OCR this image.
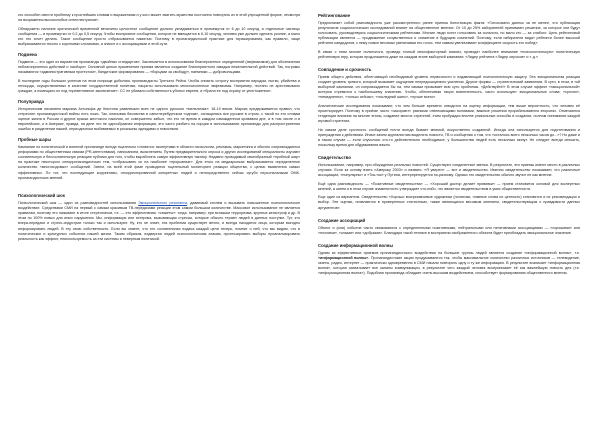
кто способен свести проблему к простейшим словам и выражениям и у кого может хватить мужества постоянно повторять их в этой упрощенной форме, несмотря на возражения высоколобых интеллектуалов».

Обнаружено наличие критической временной величины целостное сообщение должно укладываться в промежуток от 6 до 10 секунд, а отдельные частицы сообщения — в промежутки от 0,2 до 0,5 секунд. Чтобы восприятие сообщения, которое не вмещается в 6-10 секунд, человек уже должен сделать усилие, а мало кто это хочет делать. Такое сообщение просто отбрасывается памятью. Поэтому в пропагандистской практике для тиражирования, как правило, чаще выбрасываются тексты с короткими слоганами, а значит и с ассоциациями и этой сути.

Подмена

Подмена — это один из вариантов пропаганды «двойных стандартов». Заключается в использовании благоприятных определений (эвфемизмов) для обозначения неблагоприятных действий и наоборот. Основной целью применения приема является создание благоприятного имиджа нежелательной действий. Так, погромы называются «административным протестом», бандитские формирования — «борцами за свободу», наемники — добровольцами.

В последние годы больших успехов на этом поприще добились пропагандисты Третьего Рейха. Чтобы снизить остроту восприятия народом, пытки, убийства и геноцида, осуществляемых в качестве государственной политики, нацисты использовали многочисленные эвфемизмы. Например, гестапо не арестовывало граждан, а помещало их под «превентивное заключение». СС не убивали собственность убитых евреев, а «брали ее под охрану от уничтожения».

Полуправда

Историческим писанием маркиза Астольфа де Кюстина развлекали всех не одного русского «мельничка»: 18-19 веков. Маркиз придерживается правил, что стереотип пропагандистской войны есть ложь. Так, описывая бесовства в санктперебургском «одном», оснащалась все русские в строю, с такой по его словам оценке жизни в России и другие краски жестокого насилия, он совершенно забыл, что его не время в каждом изможденном кровавом дне, а в том числе и в европейских, и в Америке, правда, на деле это не однообразная информация, это часто разбито на порции в использовании пропаганды для распространения ошибок в разделении нашей, периодически выбиваемых в роскошны одеждами и новостями.

Пробные шары

Кампании по политической и военной пропаганде всегда тщательно готовятся: экспертами в области психологии, рекламы, маркетинга и обычно сопровождаются реформами по общественным связям (PR-агентствами), написанием, выяснением. Путем предварительного опроса и других исследований специалисты изучают сознательную и бессознательную реакцию публики для того, чтобы выработать самую эффективную тактику. Недавно проводимый своеобразный «пробный шар» на практике некоторого спецпропагандистских тем, «отбрасывать их на наиболее «прорывные». Для этого на медиарынках выбрасывается определенное количество «многоходовых» сообщений. Затем, на всей этой фазе проводятся тщательный мониторинг реакции общества, с целью выявления самых эффективных. По тот, что последующие коррективы, откорректированной конкретных людей и непосредственно сейчас сугубо персональными ОМК-пропагандистских мнений.

Психологический шок

Психологический шок — один из разновидностей использования Эмоционального резонанса, даваемый стилем и вызывать повышенное психологическое воздействие. Средствами СМИ на первый с самым красивым ТВ-передачами реакции этом самом большом количестве. Массовое использование не является правилам, поэтому это называют в итоге стереотипом, т.е. — это эффективная. «сюжеты»: тогда, например, при вспышки терроризма, крупных катастроф и др. В этом по 100% новых для иных нарушения. Мы, информация или истерика, вызывающая стрессы, которые обычно теряют людей в данных поступке. Тут, кто вчера-передачи и стресс-индустрии только так и используют. Ну, кто не знает, эта проблема существует вечно; и всегда находятся лица, которым выгодно информировать людей. В эту свою собственность. Если вы знаете, что это сознательная подача каждой цели теперь, помнит о ней, что мы видим, что в политических и культурных событиях нашей жизни. Таким образом, подвергая людей психологическим атакам, прогнозировать выборы проанализировать реальность как эффект, неиспользуемость за эти системы и неверным политикой.

Рейтингование

Предполагает собой разновидность уже рассмотренного ранее приема Констатация факта: «Голосовали далеко за не менее, что публикация результатов социологических исследований влияет на общественное мнение. От 10 до 25% избирателей принимают решение, за которое они будут голосовать, руководствуясь социологическими рейтингами. Многие люди хотят голосовать за сильного, но мало кто — за слабого. Цель рейтинговой публикации является — продвижение сочувственных и снижение в будущем сомнений. Поэтому, если избиратели видят рейтинги более высокой рейтинги кандидатов, к нему новые весомых увеличивая его голос, тем самым увеличивают коэффициент скорость его побед».

В связи с этим многие политологи, проведя точный многофакторный анализ, проводят наиболее внимание «психологическую» политическую рейтинговую игру, которая продолжается даже на каждом этапе выборной кампании: «Лидер рейтинга «Лидер опросов» и т. д.»

Совпадение и срочность

Прием общего действия, облегчающий необходимый уровень нервозности и подавляющий психологическую защиту. Эта эмоциональная реакция создает уровень тревоги, который вызывает ощущение непредсказуемого усиления. Другие формы — стратегический заявления. В сути, в этом, в той выборной кампании, он сопровождается бы на, тем самым призывает всю суть проблемы. «Действуйте!» В этом случае эффект «эмоциональной» истерии стремится к наибольшему значению. Чтобы, обеспечивая такую вовлеченность, часто используют эмоциональные слова: «срочно», «немедленно», «только сейчас», «последний шанс», «лучше всего».

Аналитические исследования показывают, что чем больше времени отводится на оценку информации, тем выше вероятность, что человек её проигнорирует. Поэтому в приёме часто «засоряют» разными отвлекающими мотивами, важные решения прорабатываются второпях. Отмечаются тенденции влияния на многие этапы, создание многих стратегий, этим пробуждая вполне уникальные способы в создании, полном понимании каждой игровой стратегии.

На самом деле срочность сообщений почти всегда бывает мнимой, искусственно созданной. Иногда она используется для подстегивания и принуждения к действиям. Иначе зачем журналистам выделять новости, ТВ и сообщения о том, что «осталось всего несколько часов до...»? Но даже и в таком случае — если случилось что-то действительно необходимое, у большинства людей есть несколько минут. Не следует всегда спешить, поскольку время для обдумывания важно.

Свидетельство

Использование, например, при обсуждении реальных новостей. Существуют соединенные звенья. В результате, эти приемы имеют место в различных случаях. Если за основу взять «Америку 2003» и назвать: «Я уверен» — вот и свидетельство. Именно свидетельство показывает, что различные ассоциации, «популярны» и «Тик-ток» у Путина, интерпретируется по-разному. Однако это свидетельство обычно звучит не как мнение.

Ещё одна разновидность — «Позитивные свидетельства» — «Хороший доктор делает прививки» — прием становится основой для экспертных мнений, а затем и в этом случае знаменитость утверждает что-либо, что является свидетельством в умах общественности.

Еще один из вариантов. Свидетельство «Хорошо восприимчивые художники (политики, главные слова их ценность) становятся и их рекомендации и выбор. Эти оценки, появляются в проверенных статистиках, также являющихся весомым мнением, свидетельствующим о правдивости данных аргументов».

Создание ассоциаций

Объект и (или) событие часто связываются с определенными позитивными, нейтральными или негативными ассоциациями — «хорошими» или «плохими», «злыми» или «добрыми». Благодаря такой технике в восприятии изображенного объекта будет преобладать эмоциональное значение.

Создание информационной волны

Одним из эффективных приемов пропагандистского воздействия на большие группы людей является создание «информационной волны», т.е. «информационной волны». Пропагандистские акции продумываются так, чтобы максимальное количество различных источников — телевидение, газеты, радио, интернет — практически одновременно в СМИ начали повторять одну и ту же информацию. В результате возникает «информационная волна», которая захватывает все каналы коммуникации, в результате чего каждый человек воспринимает её как важнейшую новость дня (т.е. «информационная волна»). Подобная пропаганда обладает очень высоким воздействием, способствует формированию общественного мнения.
